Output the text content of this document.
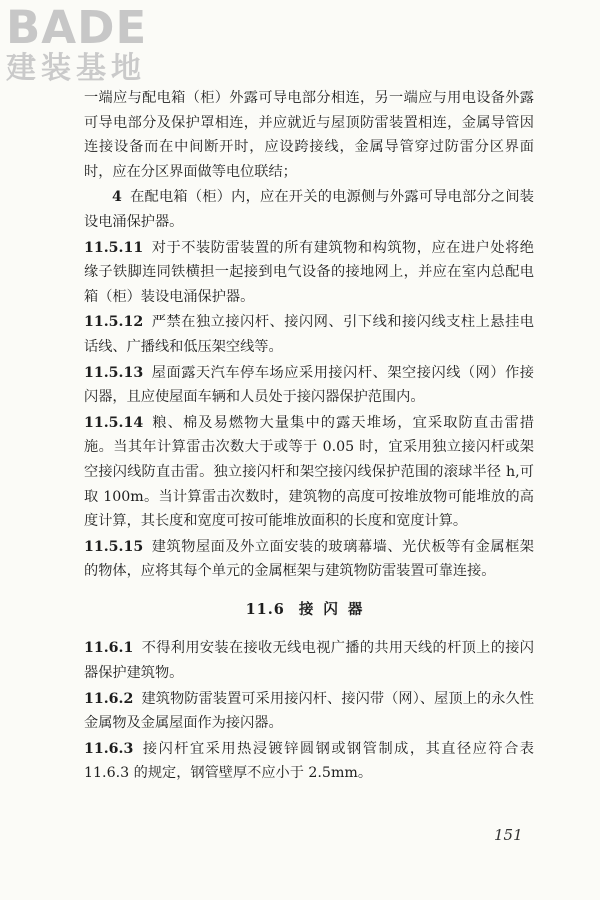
BADE
建装基地

一端应与配电箱（柜）外露可导电部分相连，另一端应与用电设备外露可导电部分及保护罩相连，并应就近与屋顶防雷装置相连，金属导管因连接设备而在中间断开时，应设跨接线，金属导管穿过防雷分区界面时，应在分区界面做等电位联结；

4 在配电箱（柜）内，应在开关的电源侧与外露可导电部分之间装设电涌保护器。

11.5.11 对于不装防雷装置的所有建筑物和构筑物，应在进户处将绝缘子铁脚连同铁横担一起接到电气设备的接地网上，并应在室内总配电箱（柜）装设电涌保护器。

11.5.12 严禁在独立接闪杆、接闪网、引下线和接闪线支柱上悬挂电话线、广播线和低压架空线等。

11.5.13 屋面露天汽车停车场应采用接闪杆、架空接闪线（网）作接闪器，且应使屋面车辆和人员处于接闪器保护范围内。

11.5.14 粮、棉及易燃物大量集中的露天堆场，宜采取防直击雷措施。当其年计算雷击次数大于或等于 0.05 时，宜采用独立接闪杆或架空接闪线防直击雷。独立接闪杆和架空接闪线保护范围的滚球半径 h,可取 100m。当计算雷击次数时，建筑物的高度可按堆放物可能堆放的高度计算，其长度和宽度可按可能堆放面积的长度和宽度计算。

11.5.15 建筑物屋面及外立面安装的玻璃幕墙、光伏板等有金属框架的物体，应将其每个单元的金属框架与建筑物防雷装置可靠连接。

11.6 接闪器

11.6.1 不得利用安装在接收无线电视广播的共用天线的杆顶上的接闪器保护建筑物。

11.6.2 建筑物防雷装置可采用接闪杆、接闪带（网）、屋顶上的永久性金属物及金属屋面作为接闪器。

11.6.3 接闪杆宜采用热浸镀锌圆钢或钢管制成，其直径应符合表 11.6.3 的规定，钢管壁厚不应小于 2.5mm。

151
